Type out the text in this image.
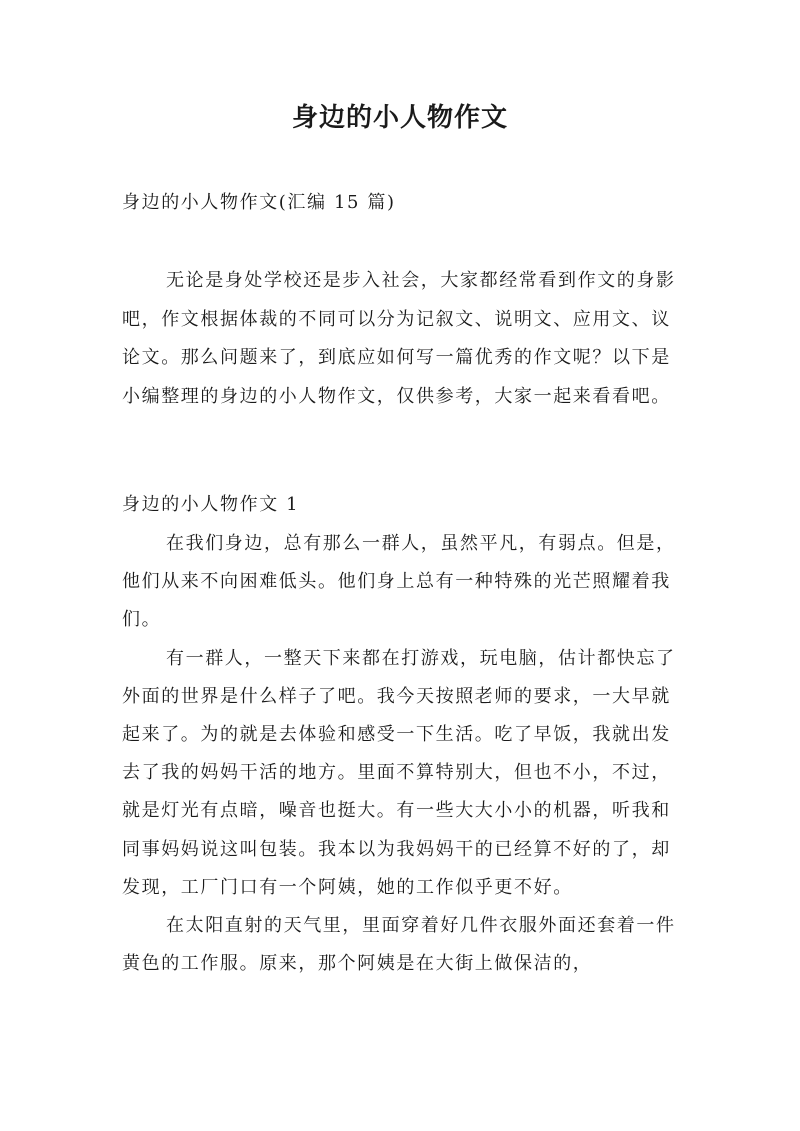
身边的小人物作文

身边的小人物作文(汇编 15 篇)

无论是身处学校还是步入社会，大家都经常看到作文的身影吧，作文根据体裁的不同可以分为记叙文、说明文、应用文、议论文。那么问题来了，到底应如何写一篇优秀的作文呢？以下是小编整理的身边的小人物作文，仅供参考，大家一起来看看吧。

身边的小人物作文 1

在我们身边，总有那么一群人，虽然平凡，有弱点。但是，他们从来不向困难低头。他们身上总有一种特殊的光芒照耀着我们。

有一群人，一整天下来都在打游戏，玩电脑，估计都快忘了外面的世界是什么样子了吧。我今天按照老师的要求，一大早就起来了。为的就是去体验和感受一下生活。吃了早饭，我就出发去了我的妈妈干活的地方。里面不算特别大，但也不小，不过，就是灯光有点暗，噪音也挺大。有一些大大小小的机器，听我和同事妈妈说这叫包装。我本以为我妈妈干的已经算不好的了，却发现，工厂门口有一个阿姨，她的工作似乎更不好。

在太阳直射的天气里，里面穿着好几件衣服外面还套着一件黄色的工作服。原来，那个阿姨是在大街上做保洁的，
